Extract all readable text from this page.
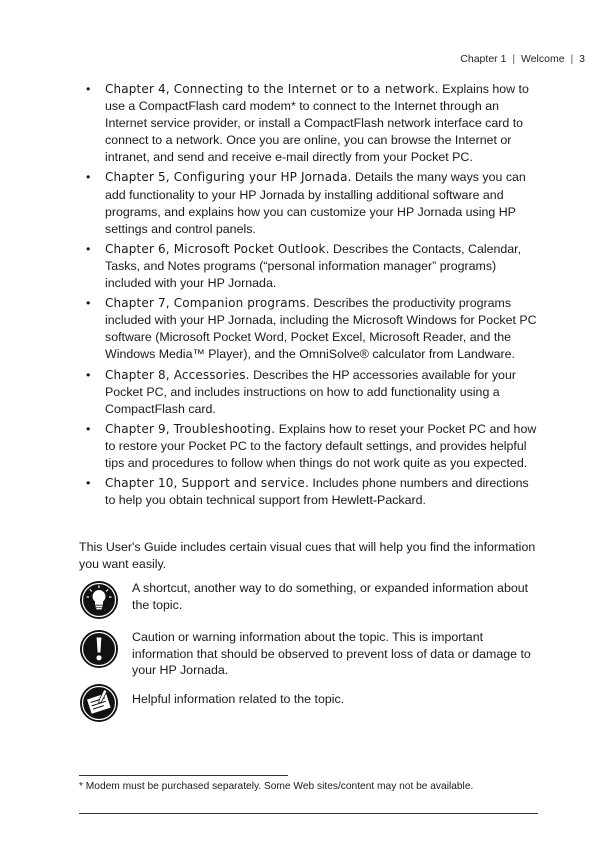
Chapter 1 | Welcome | 3
• Chapter 4, Connecting to the Internet or to a network. Explains how to use a CompactFlash card modem* to connect to the Internet through an Internet service provider, or install a CompactFlash network interface card to connect to a network. Once you are online, you can browse the Internet or intranet, and send and receive e-mail directly from your Pocket PC.
• Chapter 5, Configuring your HP Jornada. Details the many ways you can add functionality to your HP Jornada by installing additional software and programs, and explains how you can customize your HP Jornada using HP settings and control panels.
• Chapter 6, Microsoft Pocket Outlook. Describes the Contacts, Calendar, Tasks, and Notes programs (“personal information manager” programs) included with your HP Jornada.
• Chapter 7, Companion programs. Describes the productivity programs included with your HP Jornada, including the Microsoft Windows for Pocket PC software (Microsoft Pocket Word, Pocket Excel, Microsoft Reader, and the Windows Media™ Player), and the OmniSolve® calculator from Landware.
• Chapter 8, Accessories. Describes the HP accessories available for your Pocket PC, and includes instructions on how to add functionality using a CompactFlash card.
• Chapter 9, Troubleshooting. Explains how to reset your Pocket PC and how to restore your Pocket PC to the factory default settings, and provides helpful tips and procedures to follow when things do not work quite as you expected.
• Chapter 10, Support and service. Includes phone numbers and directions to help you obtain technical support from Hewlett-Packard.

This User's Guide includes certain visual cues that will help you find the information you want easily.

A shortcut, another way to do something, or expanded information about the topic.
Caution or warning information about the topic. This is important information that should be observed to prevent loss of data or damage to your HP Jornada.
Helpful information related to the topic.
* Modem must be purchased separately. Some Web sites/content may not be available.
